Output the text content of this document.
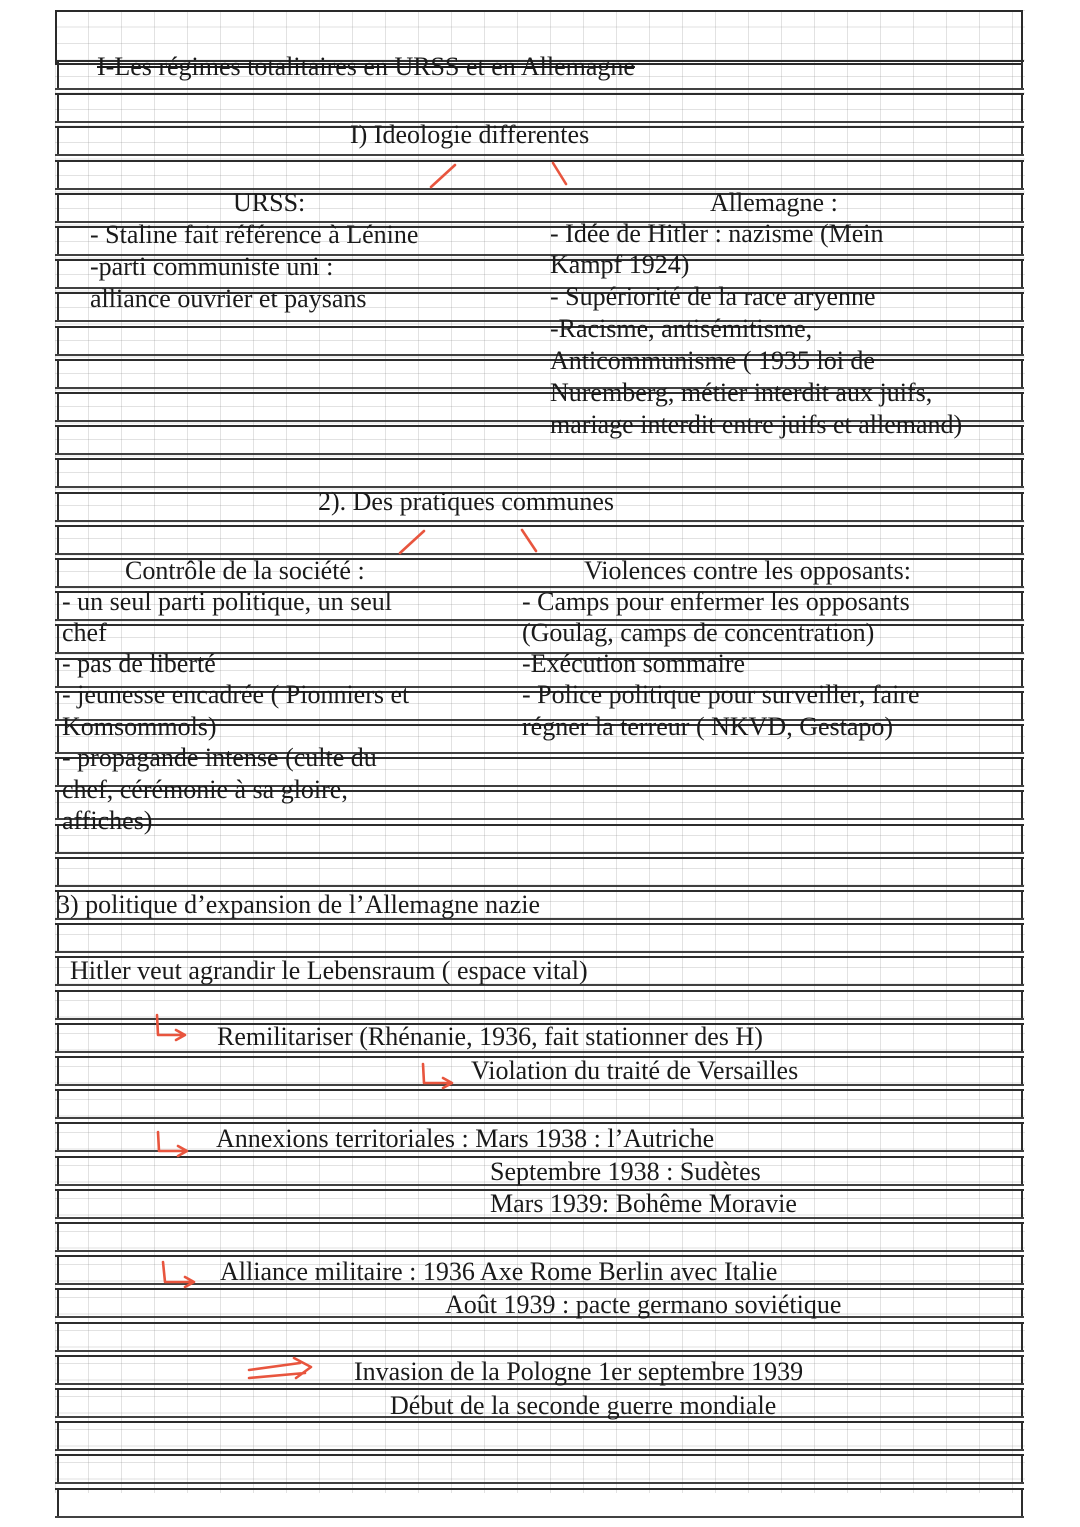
I-Les régimes totalitaires en URSS et en Allemagne
I) Ideologie differentes
URSS:
- Staline fait référence à Lénine
-parti communiste uni :
alliance ouvrier et paysans
Allemagne :
- Idée de Hitler : nazisme (Mein
Kampf 1924)
- Supériorité de la race aryenne
-Racisme, antisémitisme,
Anticommunisme ( 1935 loi de
Nuremberg, métier interdit aux juifs,
mariage interdit entre juifs et allemand)
2). Des pratiques communes
Contrôle de la société :
- un seul parti politique, un seul
chef
- pas de liberté
- jeunesse encadrée ( Pionniers et
Komsommols)
- propagande intense (culte du
chef, cérémonie à sa gloire,
affiches)
Violences contre les opposants:
- Camps pour enfermer les opposants
(Goulag, camps de concentration)
-Exécution sommaire
- Police politique pour surveiller, faire
régner la terreur ( NKVD, Gestapo)
3) politique d’expansion de l’Allemagne nazie
Hitler veut agrandir le Lebensraum ( espace vital)
Remilitariser (Rhénanie, 1936, fait stationner des H)
Violation du traité de Versailles
Annexions territoriales : Mars 1938 : l’Autriche
Septembre 1938 : Sudètes
Mars 1939: Bohême Moravie
Alliance militaire : 1936 Axe Rome Berlin avec Italie
Août 1939 : pacte germano soviétique
Invasion de la Pologne 1er septembre 1939
Début de la seconde guerre mondiale
